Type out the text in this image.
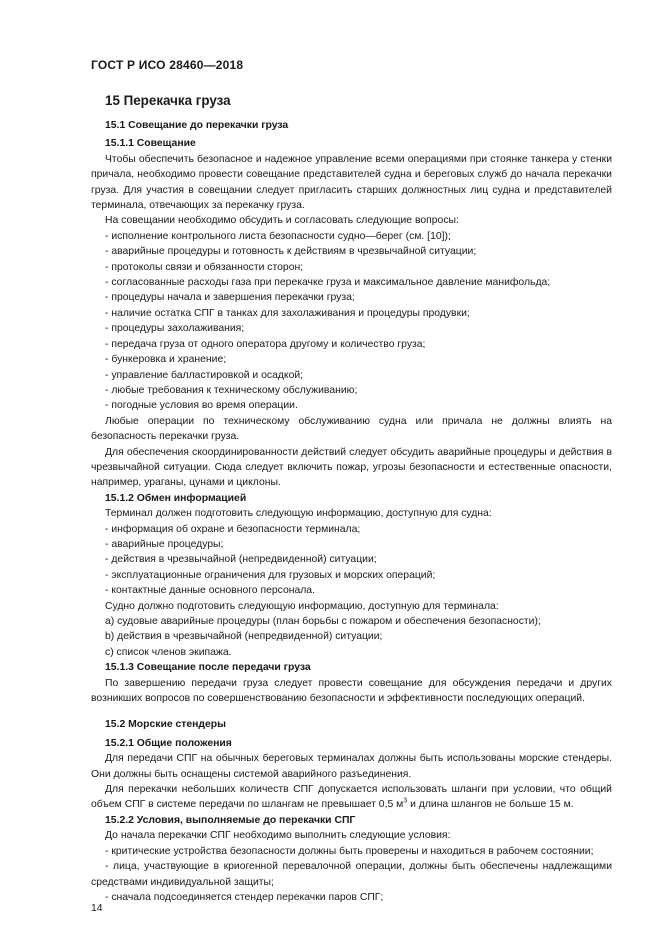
ГОСТ Р ИСО 28460—2018
15 Перекачка груза
15.1 Совещание до перекачки груза
15.1.1 Совещание

Чтобы обеспечить безопасное и надежное управление всеми операциями при стоянке танкера у стенки причала, необходимо провести совещание представителей судна и береговых служб до начала перекачки груза. Для участия в совещании следует пригласить старших должностных лиц судна и представителей терминала, отвечающих за перекачку груза.

На совещании необходимо обсудить и согласовать следующие вопросы:

- исполнение контрольного листа безопасности судно—берег (см. [10]);
- аварийные процедуры и готовность к действиям в чрезвычайной ситуации;
- протоколы связи и обязанности сторон;
- согласованные расходы газа при перекачке груза и максимальное давление манифольда;
- процедуры начала и завершения перекачки груза;
- наличие остатка СПГ в танках для захолаживания и процедуры продувки;
- процедуры захолаживания;
- передача груза от одного оператора другому и количество груза;
- бункеровка и хранение;
- управление балластировкой и осадкой;
- любые требования к техническому обслуживанию;
- погодные условия во время операции.

Любые операции по техническому обслуживанию судна или причала не должны влиять на безопасность перекачки груза.

Для обеспечения скоординированности действий следует обсудить аварийные процедуры и действия в чрезвычайной ситуации. Сюда следует включить пожар, угрозы безопасности и естественные опасности, например, ураганы, цунами и циклоны.

15.1.2 Обмен информацией

Терминал должен подготовить следующую информацию, доступную для судна:

- информация об охране и безопасности терминала;
- аварийные процедуры;
- действия в чрезвычайной (непредвиденной) ситуации;
- эксплуатационные ограничения для грузовых и морских операций;
- контактные данные основного персонала.

Судно должно подготовить следующую информацию, доступную для терминала:

a) судовые аварийные процедуры (план борьбы с пожаром и обеспечения безопасности);
b) действия в чрезвычайной (непредвиденной) ситуации;
c) список членов экипажа.
15.1.3 Совещание после передачи груза

По завершению передачи груза следует провести совещание для обсуждения передачи и других возникших вопросов по совершенствованию безопасности и эффективности последующих операций.

15.2 Морские стендеры
15.2.1 Общие положения

Для передачи СПГ на обычных береговых терминалах должны быть использованы морские стендеры. Они должны быть оснащены системой аварийного разъединения.

Для перекачки небольших количеств СПГ допускается использовать шланги при условии, что общий объем СПГ в системе передачи по шлангам не превышает 0,5 $м^3$ и длина шлангов не больше 15 м.

15.2.2 Условия, выполняемые до перекачки СПГ

До начала перекачки СПГ необходимо выполнить следующие условия:

- критические устройства безопасности должны быть проверены и находиться в рабочем состоянии;

- лица, участвующие в криогенной перевалочной операции, должны быть обеспечены надлежащими средствами индивидуальной защиты;

- сначала подсоединяется стендер перекачки паров СПГ;

14
